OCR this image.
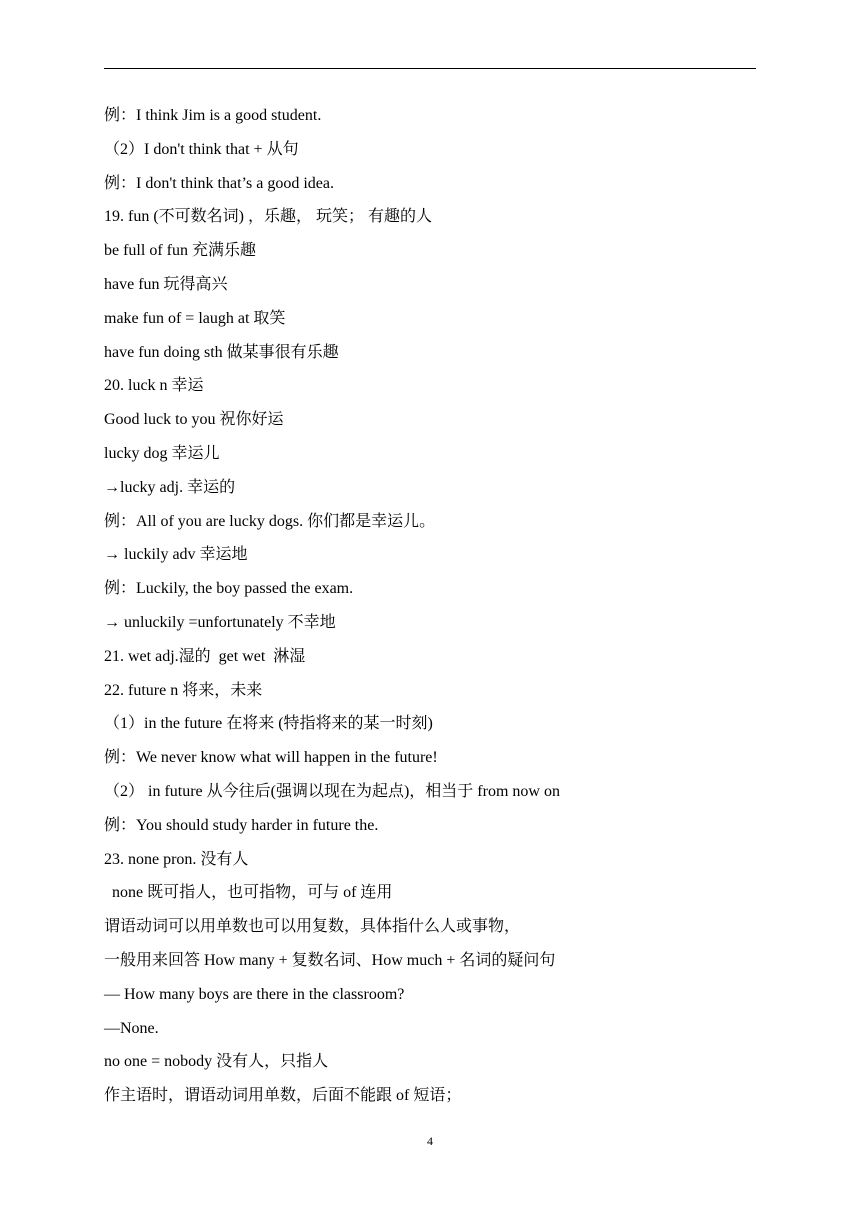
例：I think Jim is a good student.
（2）I don't think that + 从句
例：I don't think that’s a good idea.
19. fun (不可数名词) ，乐趣， 玩笑； 有趣的人
be full of fun 充满乐趣
have fun 玩得高兴
make fun of = laugh at 取笑
have fun doing sth 做某事很有乐趣
20. luck n 幸运
Good luck to you 祝你好运
lucky dog 幸运儿
→lucky adj. 幸运的
例：All of you are lucky dogs. 你们都是幸运儿。
→ luckily adv 幸运地
例：Luckily, the boy passed the exam.
→ unluckily =unfortunately 不幸地
21. wet adj.湿的  get wet  淋湿
22. future n 将来，未来
（1）in the future 在将来 (特指将来的某一时刻)
例：We never know what will happen in the future!
（2） in future 从今往后(强调以现在为起点)，相当于 from now on
例：You should study harder in future the.
23. none pron. 没有人
none 既可指人，也可指物，可与 of 连用
谓语动词可以用单数也可以用复数，具体指什么人或事物，
一般用来回答 How many + 复数名词、How much + 名词的疑问句
— How many boys are there in the classroom?
—None.
no one = nobody 没有人，只指人
作主语时，谓语动词用单数，后面不能跟 of 短语；
4
